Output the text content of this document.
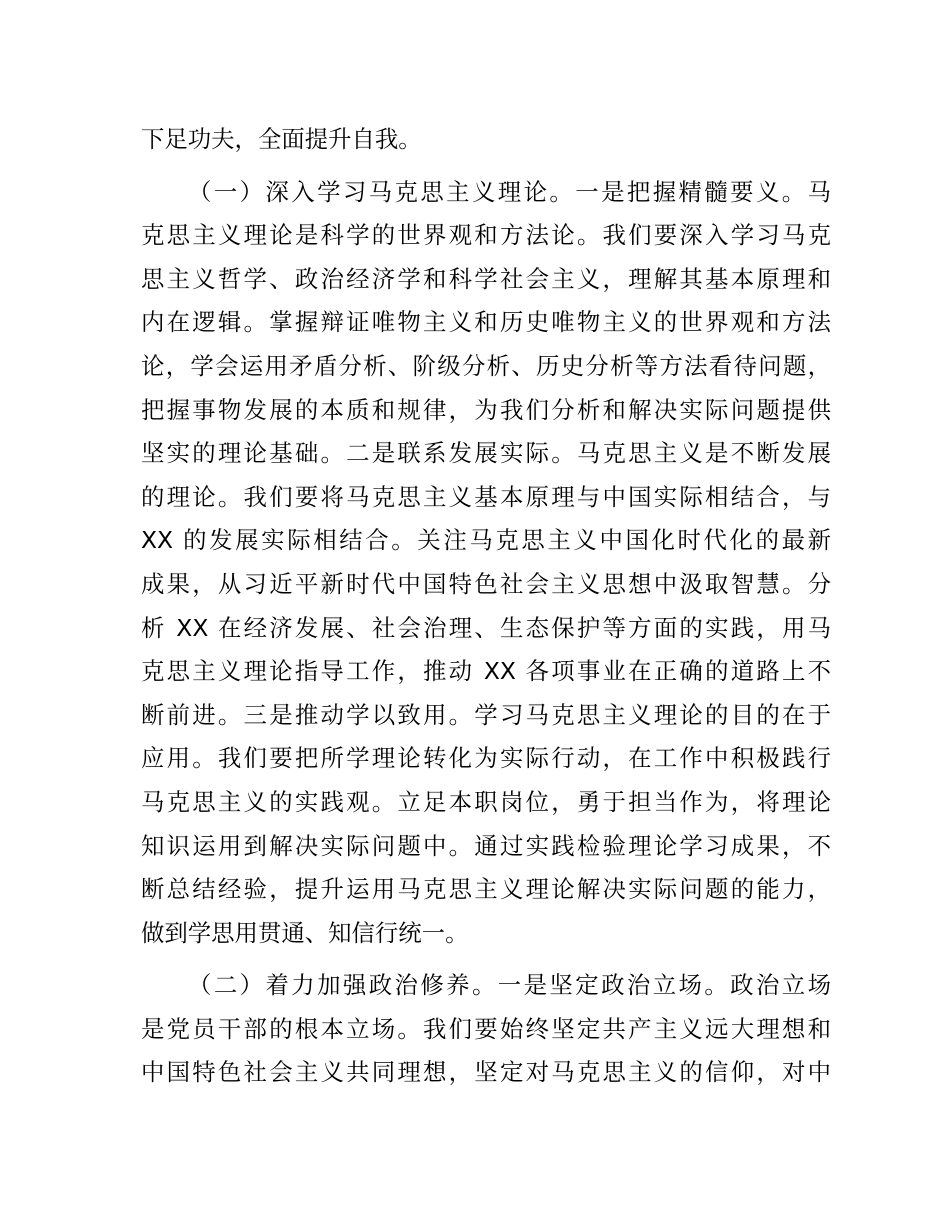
下足功夫，全面提升自我。
（一）深入学习马克思主义理论。一是把握精髓要义。马
克思主义理论是科学的世界观和方法论。我们要深入学习马克
思主义哲学、政治经济学和科学社会主义，理解其基本原理和
内在逻辑。掌握辩证唯物主义和历史唯物主义的世界观和方法
论，学会运用矛盾分析、阶级分析、历史分析等方法看待问题，
把握事物发展的本质和规律，为我们分析和解决实际问题提供
坚实的理论基础。二是联系发展实际。马克思主义是不断发展
的理论。我们要将马克思主义基本原理与中国实际相结合，与
XX 的发展实际相结合。关注马克思主义中国化时代化的最新
成果，从习近平新时代中国特色社会主义思想中汲取智慧。分
析 XX 在经济发展、社会治理、生态保护等方面的实践，用马
克思主义理论指导工作，推动 XX 各项事业在正确的道路上不
断前进。三是推动学以致用。学习马克思主义理论的目的在于
应用。我们要把所学理论转化为实际行动，在工作中积极践行
马克思主义的实践观。立足本职岗位，勇于担当作为，将理论
知识运用到解决实际问题中。通过实践检验理论学习成果，不
断总结经验，提升运用马克思主义理论解决实际问题的能力，
做到学思用贯通、知信行统一。
（二）着力加强政治修养。一是坚定政治立场。政治立场
是党员干部的根本立场。我们要始终坚定共产主义远大理想和
中国特色社会主义共同理想，坚定对马克思主义的信仰，对中
